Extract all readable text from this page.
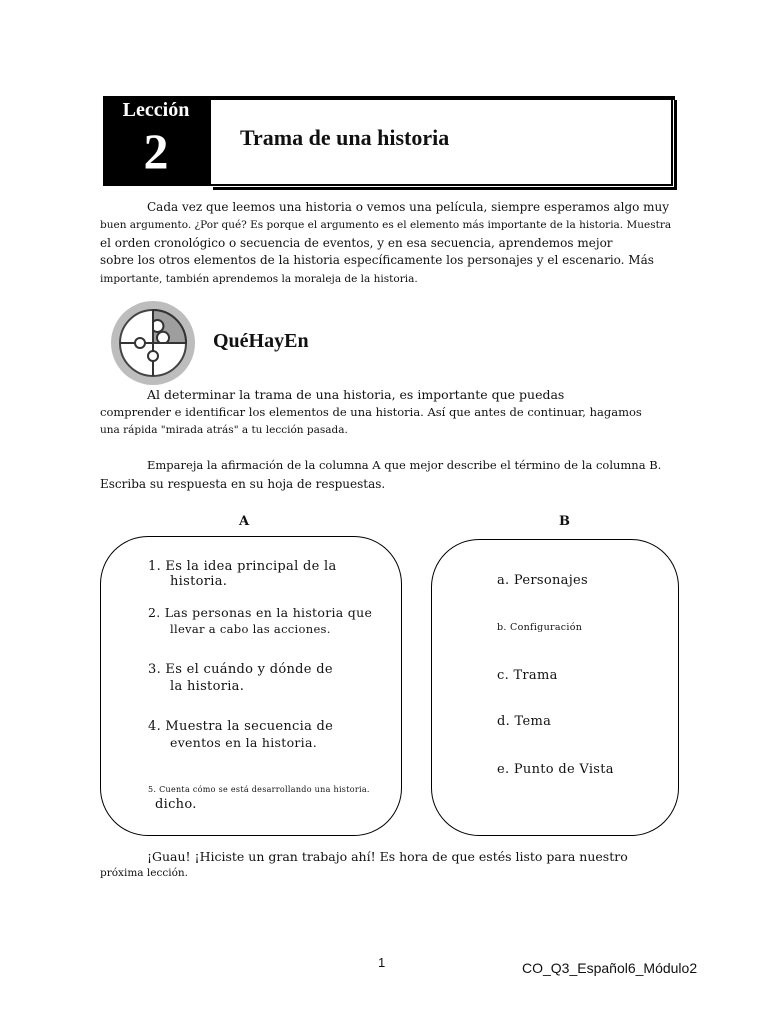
Lección
2	Trama de una historia
Cada vez que leemos una historia o vemos una película, siempre esperamos algo muy
buen argumento. ¿Por qué? Es porque el argumento es el elemento más importante de la historia. Muestra
el orden cronológico o secuencia de eventos, y en esa secuencia, aprendemos mejor
sobre los otros elementos de la historia específicamente los personajes y el escenario. Más
importante, también aprendemos la moraleja de la historia.
QuéHayEn
Al determinar la trama de una historia, es importante que puedas
comprender e identificar los elementos de una historia. Así que antes de continuar, hagamos
una rápida "mirada atrás" a tu lección pasada.
Empareja la afirmación de la columna A que mejor describe el término de la columna B.
Escriba su respuesta en su hoja de respuestas.
A	B
1. Es la idea principal de la
historia.
2. Las personas en la historia que
llevar a cabo las acciones.
3. Es el cuándo y dónde de
la historia.
4. Muestra la secuencia de
eventos en la historia.
5. Cuenta cómo se está desarrollando una historia.
dicho.
a. Personajes
b. Configuración
c. Trama
d. Tema
e. Punto de Vista
¡Guau! ¡Hiciste un gran trabajo ahí! Es hora de que estés listo para nuestro
próxima lección.
1	CO_Q3_Español6_Módulo2
